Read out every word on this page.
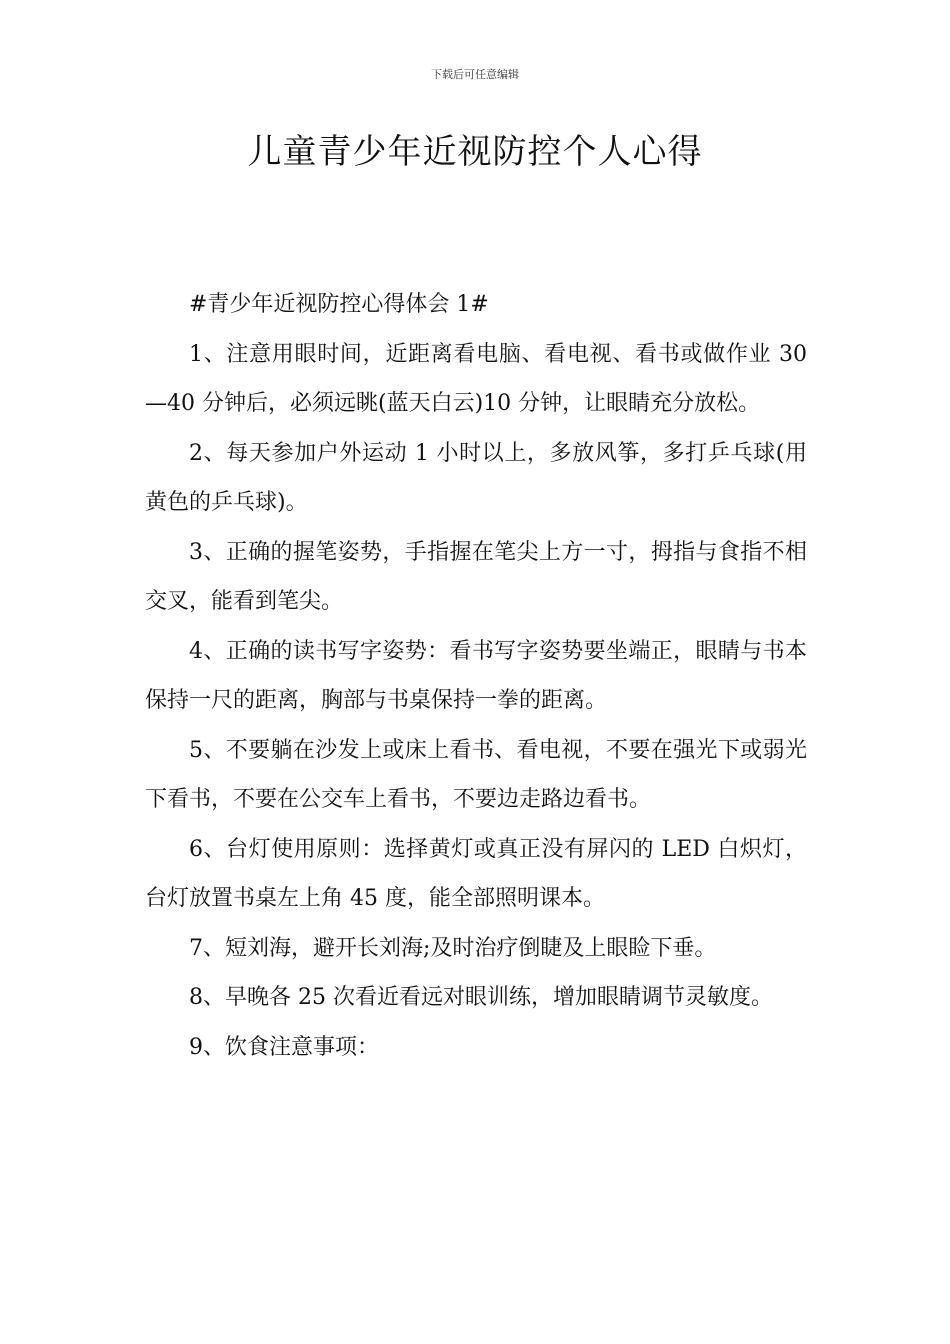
下载后可任意编辑
儿童青少年近视防控个人心得

#青少年近视防控心得体会 1#

1、注意用眼时间，近距离看电脑、看电视、看书或做作业 30—40 分钟后，必须远眺(蓝天白云)10 分钟，让眼睛充分放松。

2、每天参加户外运动 1 小时以上，多放风筝，多打乒乓球(用黄色的乒乓球)。

3、正确的握笔姿势，手指握在笔尖上方一寸，拇指与食指不相交叉，能看到笔尖。

4、正确的读书写字姿势：看书写字姿势要坐端正，眼睛与书本保持一尺的距离，胸部与书桌保持一拳的距离。

5、不要躺在沙发上或床上看书、看电视，不要在强光下或弱光下看书，不要在公交车上看书，不要边走路边看书。

6、台灯使用原则：选择黄灯或真正没有屏闪的 LED 白炽灯，台灯放置书桌左上角 45 度，能全部照明课本。

7、短刘海，避开长刘海;及时治疗倒睫及上眼睑下垂。

8、早晚各 25 次看近看远对眼训练，增加眼睛调节灵敏度。

9、饮食注意事项：
